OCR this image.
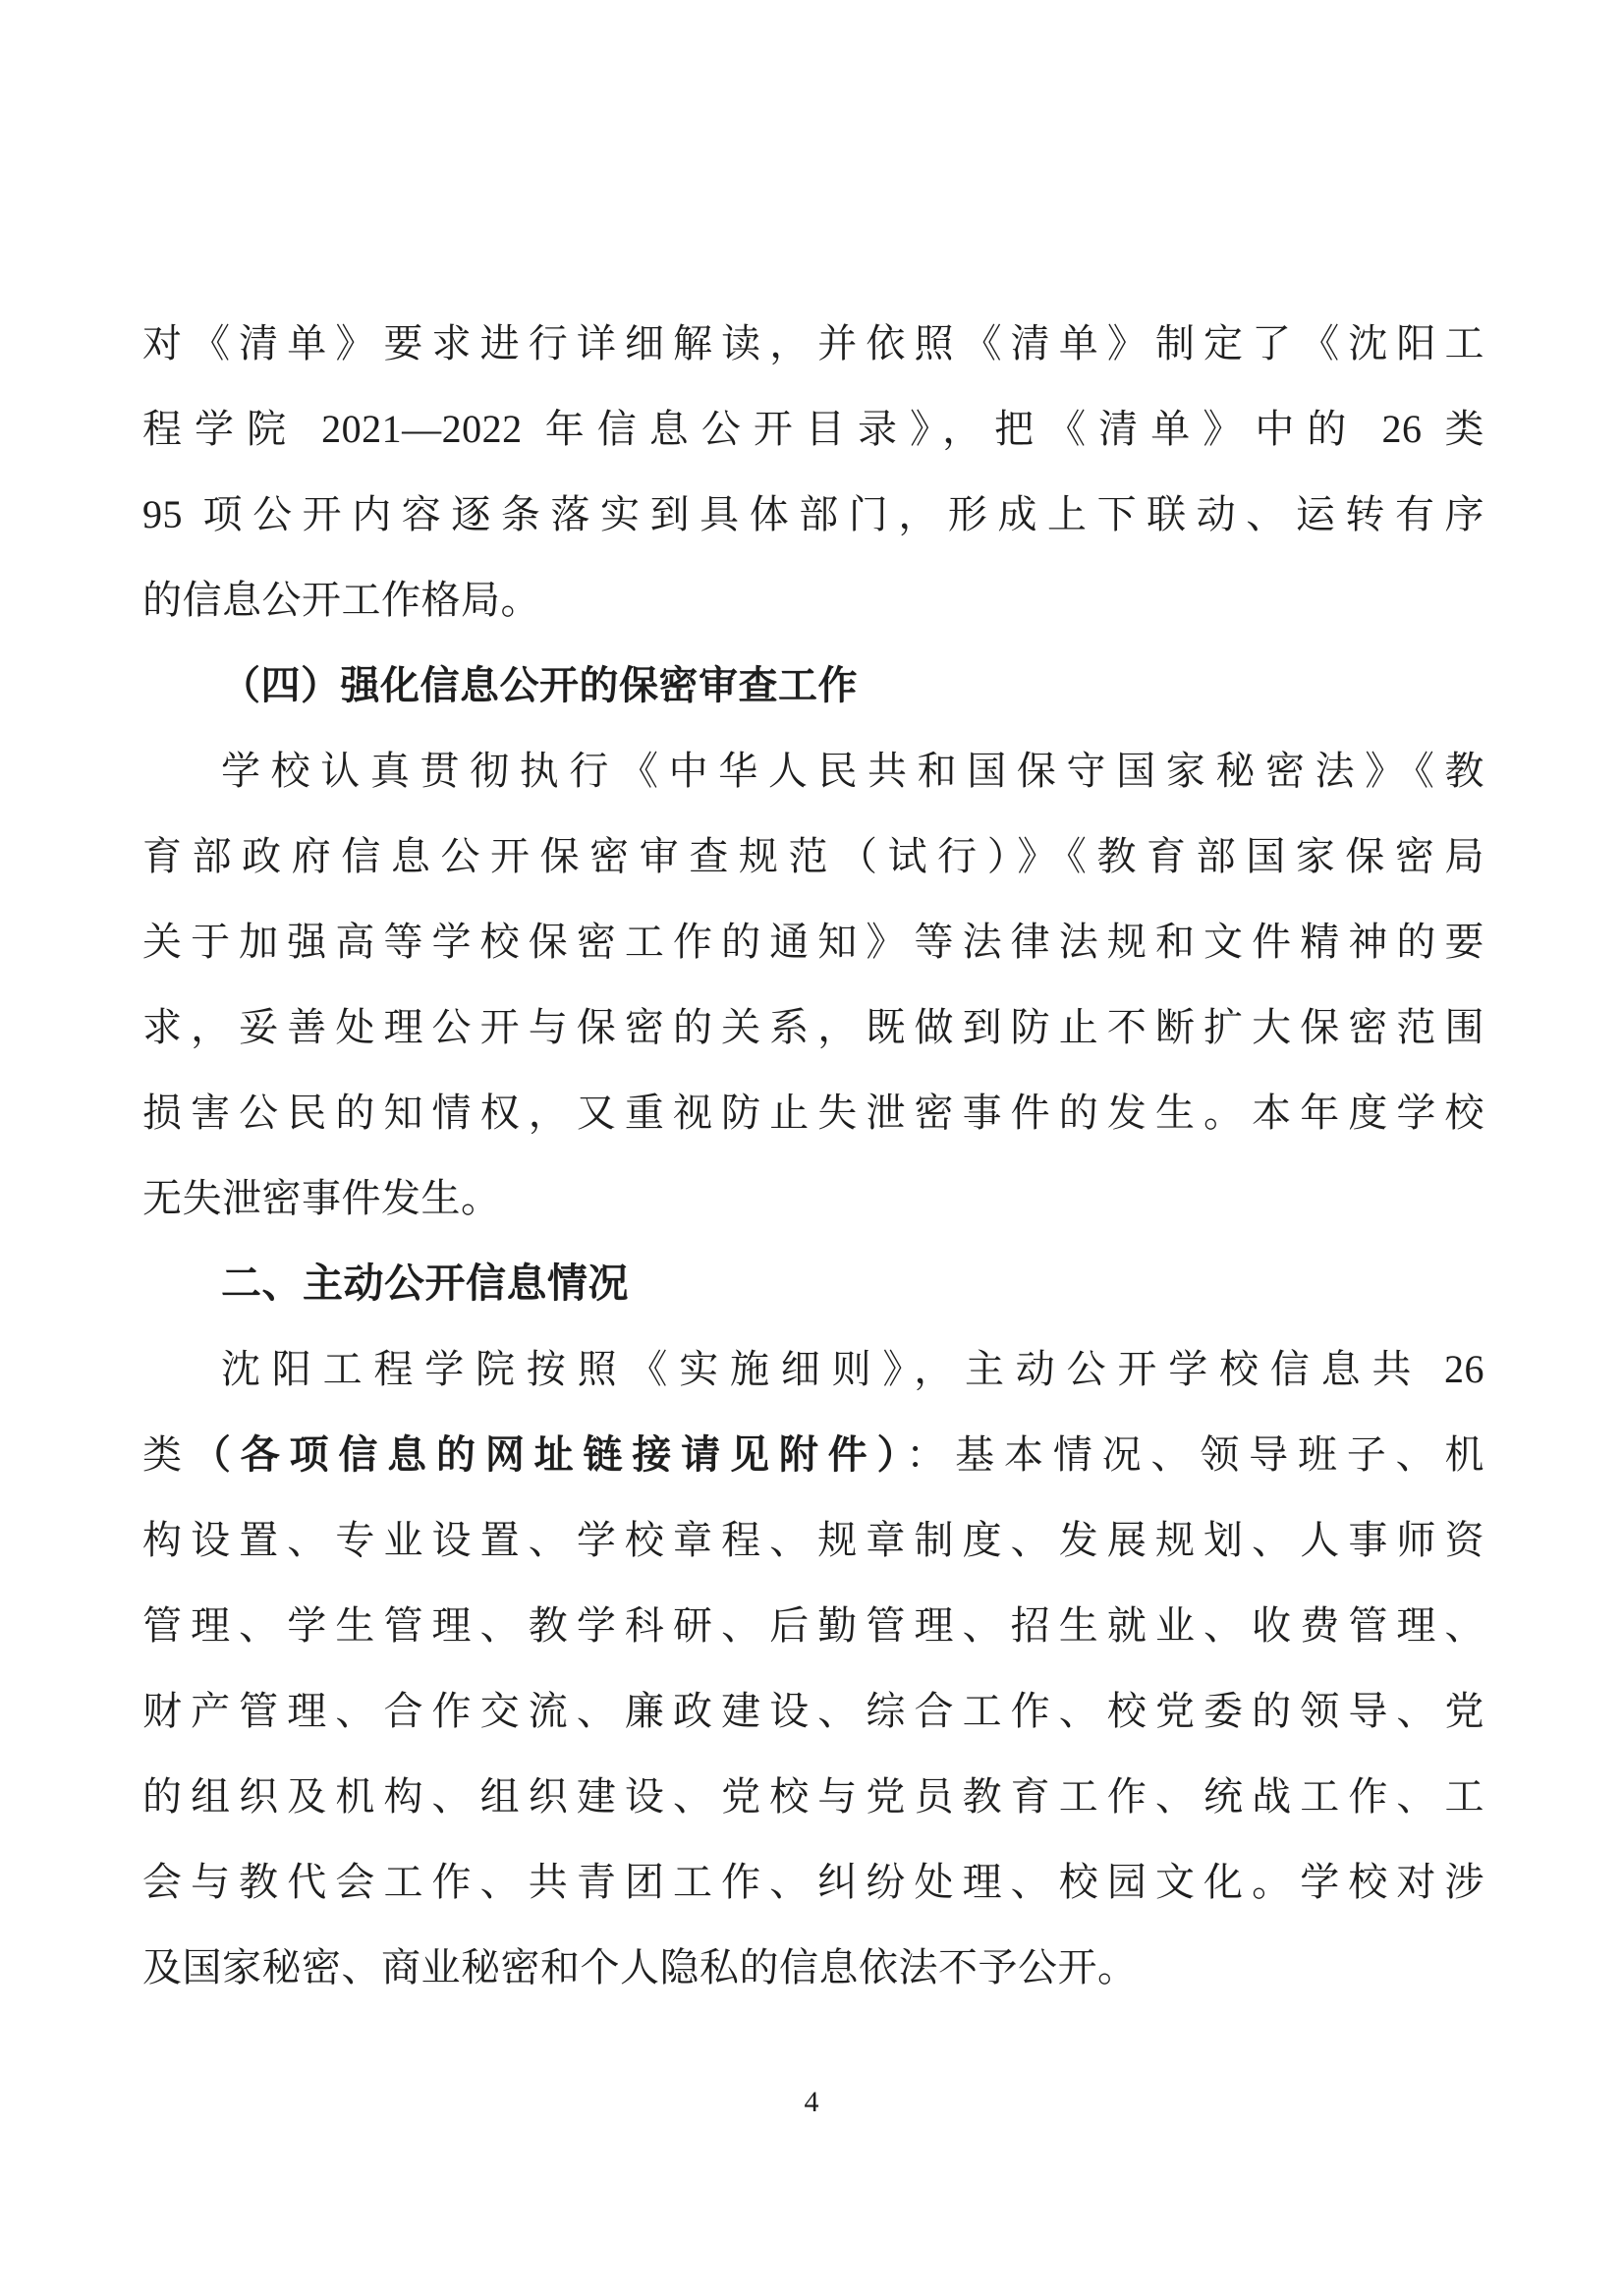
对《清单》要求进行详细解读，并依照《清单》制定了《沈阳工
程学院 2021—2022 年信息公开目录》，把《清单》中的 26 类
95 项公开内容逐条落实到具体部门，形成上下联动、运转有序
的信息公开工作格局。
（四）强化信息公开的保密审查工作
学校认真贯彻执行《中华人民共和国保守国家秘密法》《教
育部政府信息公开保密审查规范（试行）》《教育部国家保密局
关于加强高等学校保密工作的通知》等法律法规和文件精神的要
求，妥善处理公开与保密的关系，既做到防止不断扩大保密范围
损害公民的知情权，又重视防止失泄密事件的发生。本年度学校
无失泄密事件发生。
二、主动公开信息情况
沈阳工程学院按照《实施细则》，主动公开学校信息共 26
类（各项信息的网址链接请见附件）：基本情况、领导班子、机
构设置、专业设置、学校章程、规章制度、发展规划、人事师资
管理、学生管理、教学科研、后勤管理、招生就业、收费管理、
财产管理、合作交流、廉政建设、综合工作、校党委的领导、党
的组织及机构、组织建设、党校与党员教育工作、统战工作、工
会与教代会工作、共青团工作、纠纷处理、校园文化。学校对涉
及国家秘密、商业秘密和个人隐私的信息依法不予公开。
4
